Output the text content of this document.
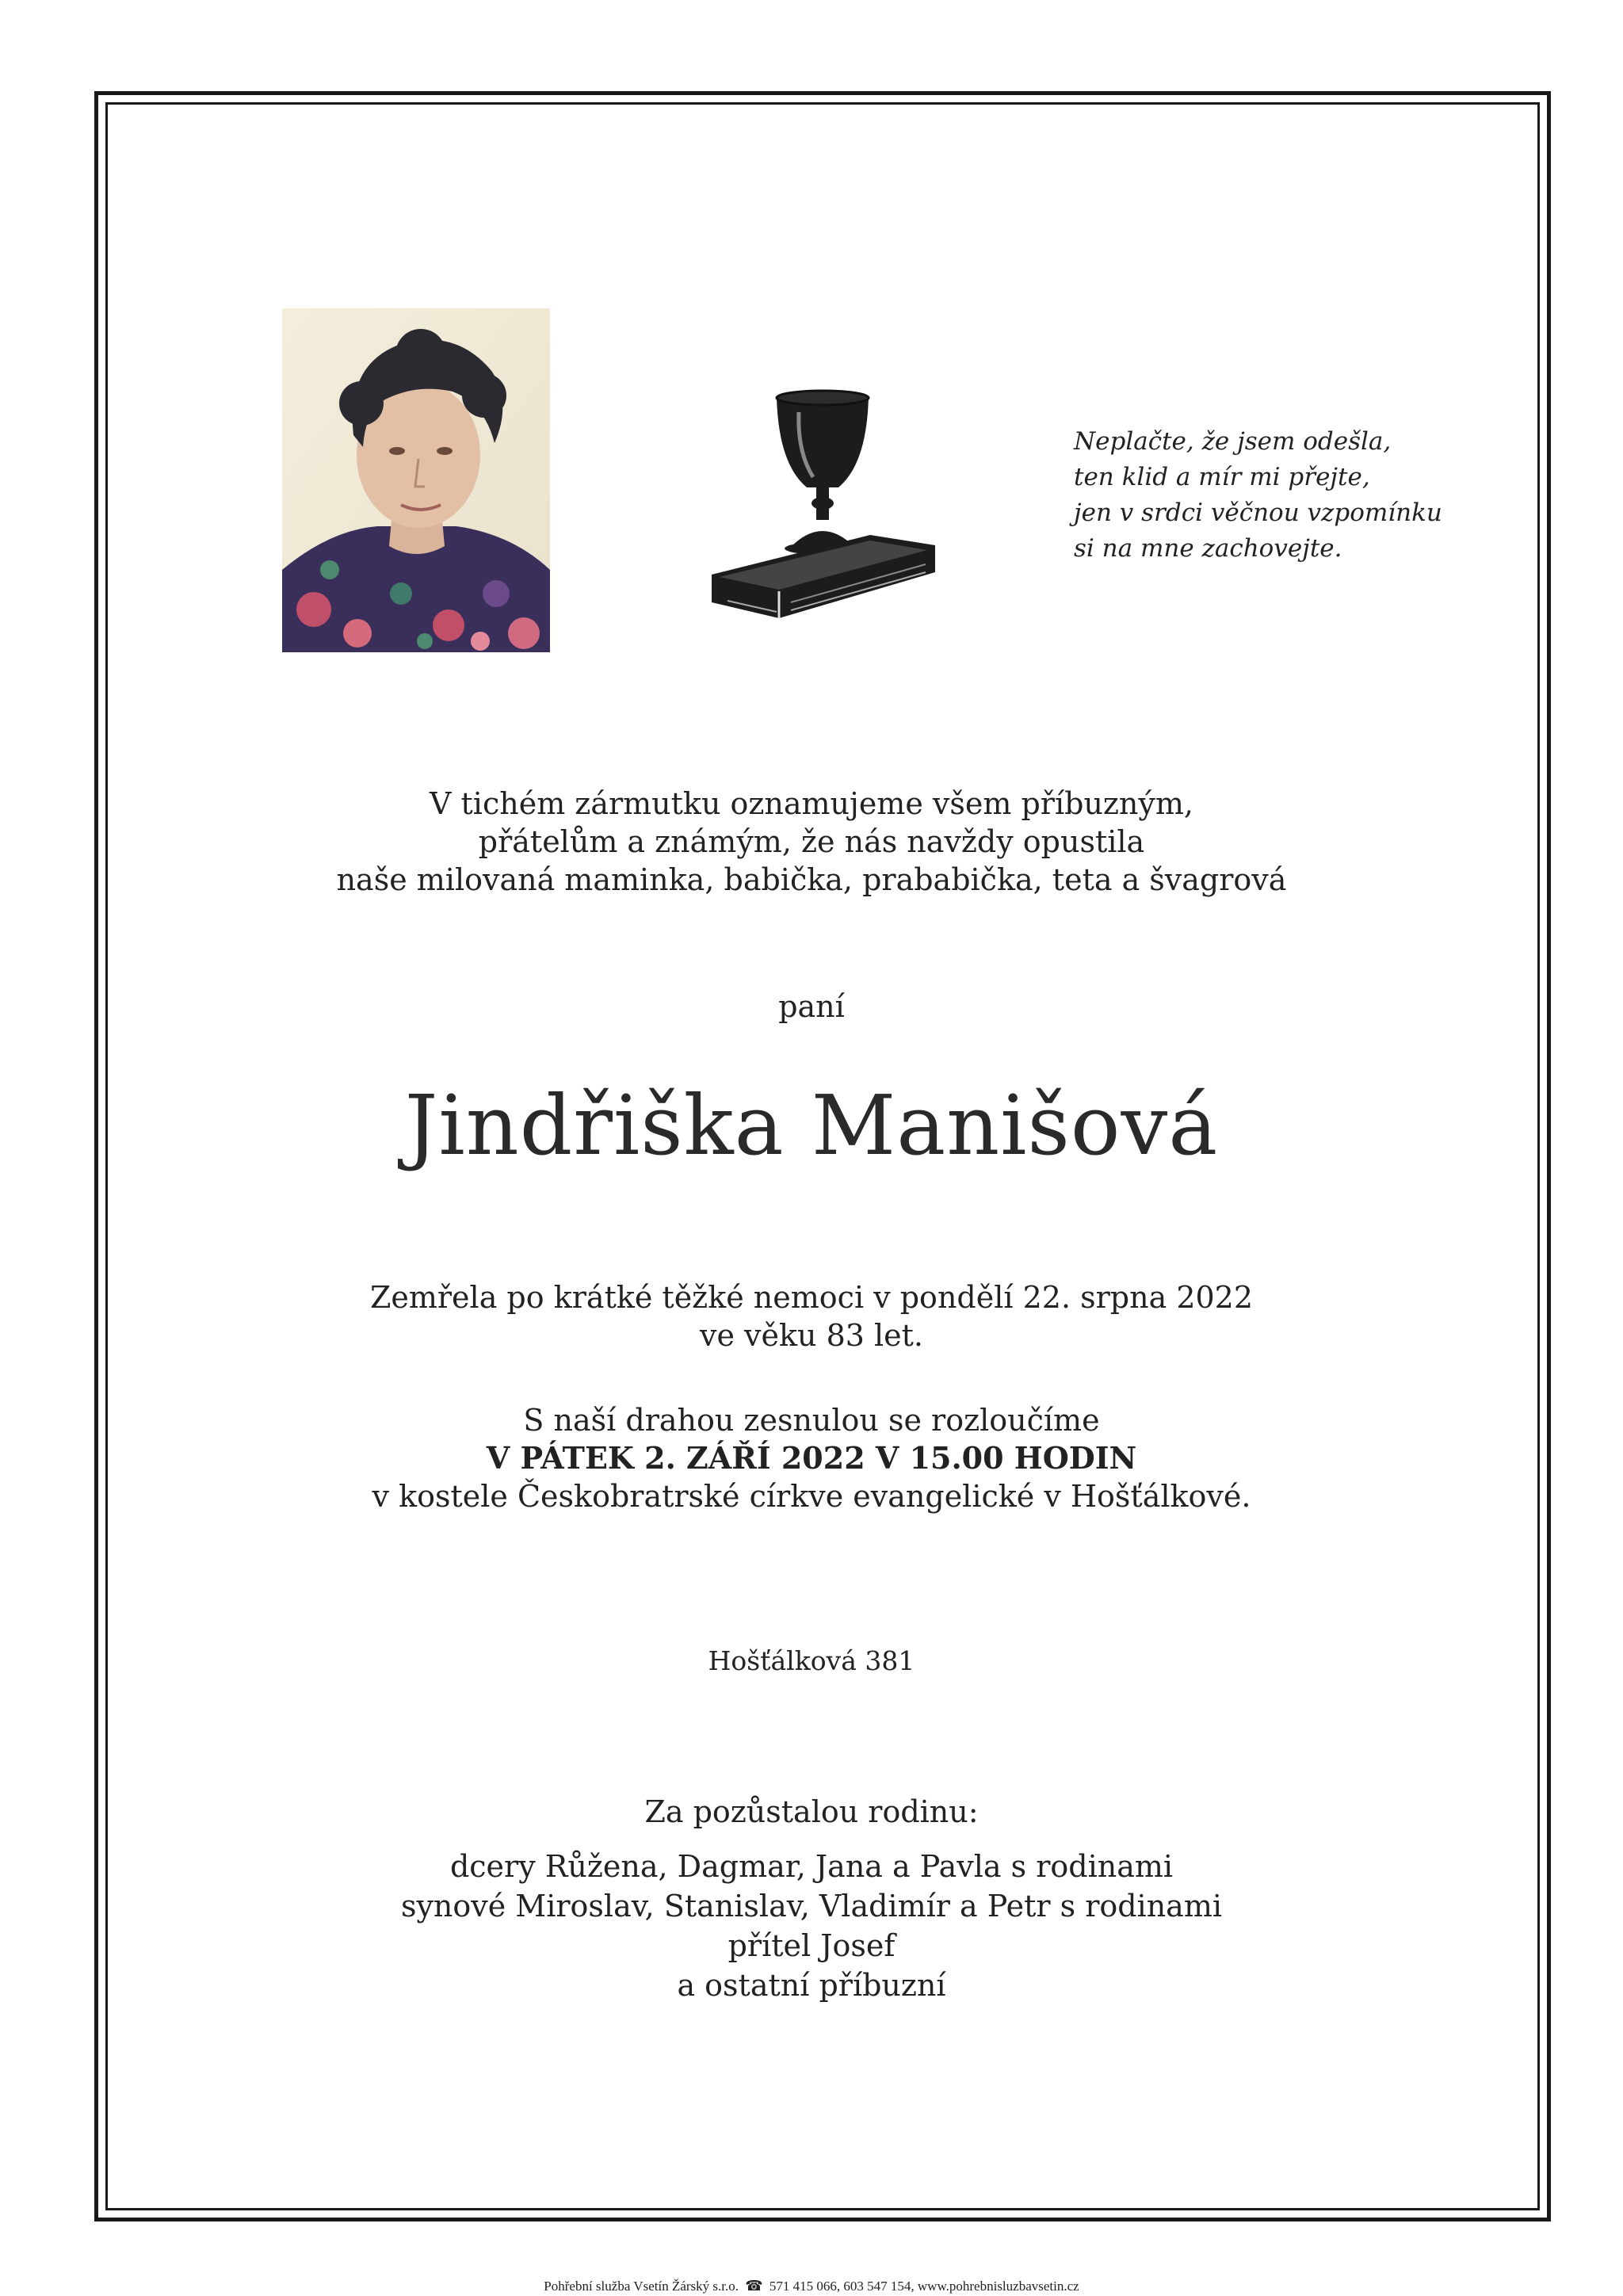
Neplačte, že jsem odešla,
ten klid a mír mi přejte,
jen v srdci věčnou vzpomínku
si na mne zachovejte.
V tichém zármutku oznamujeme všem příbuzným,
přátelům a známým, že nás navždy opustila
naše milovaná maminka, babička, prababička, teta a švagrová
paní
Jindřiška Manišová
Zemřela po krátké těžké nemoci v pondělí 22. srpna 2022
ve věku 83 let.
S naší drahou zesnulou se rozloučíme
V PÁTEK 2. ZÁŘÍ 2022 V 15.00 HODIN
v kostele Českobratrské církve evangelické v Hošťálkové.
Hošťálková 381
Za pozůstalou rodinu:
dcery Růžena, Dagmar, Jana a Pavla s rodinami
synové Miroslav, Stanislav, Vladimír a Petr s rodinami
přítel Josef
a ostatní příbuzní
Pohřební služba Vsetín Žárský s.r.o. ☎ 571 415 066, 603 547 154, www.pohrebnisluzbavsetin.cz
